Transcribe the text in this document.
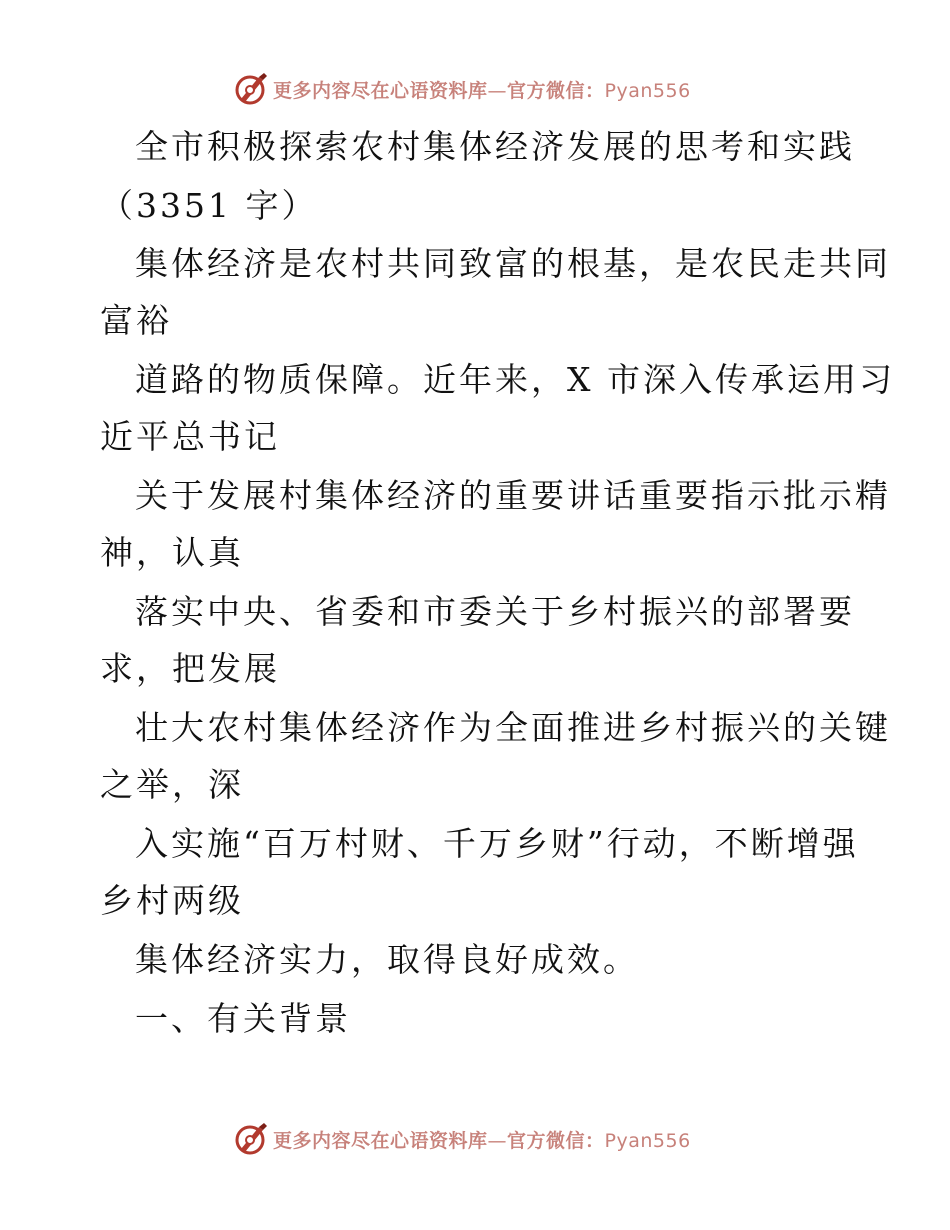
更多内容尽在心语资料库—官方微信：Pyan556
全市积极探索农村集体经济发展的思考和实践
（3351 字）
集体经济是农村共同致富的根基，是农民走共同
富裕
道路的物质保障。近年来，X 市深入传承运用习
近平总书记
关于发展村集体经济的重要讲话重要指示批示精
神，认真
落实中央、省委和市委关于乡村振兴的部署要
求，把发展
壮大农村集体经济作为全面推进乡村振兴的关键
之举，深
入实施“百万村财、千万乡财”行动，不断增强
乡村两级
集体经济实力，取得良好成效。
一、有关背景
更多内容尽在心语资料库—官方微信：Pyan556
